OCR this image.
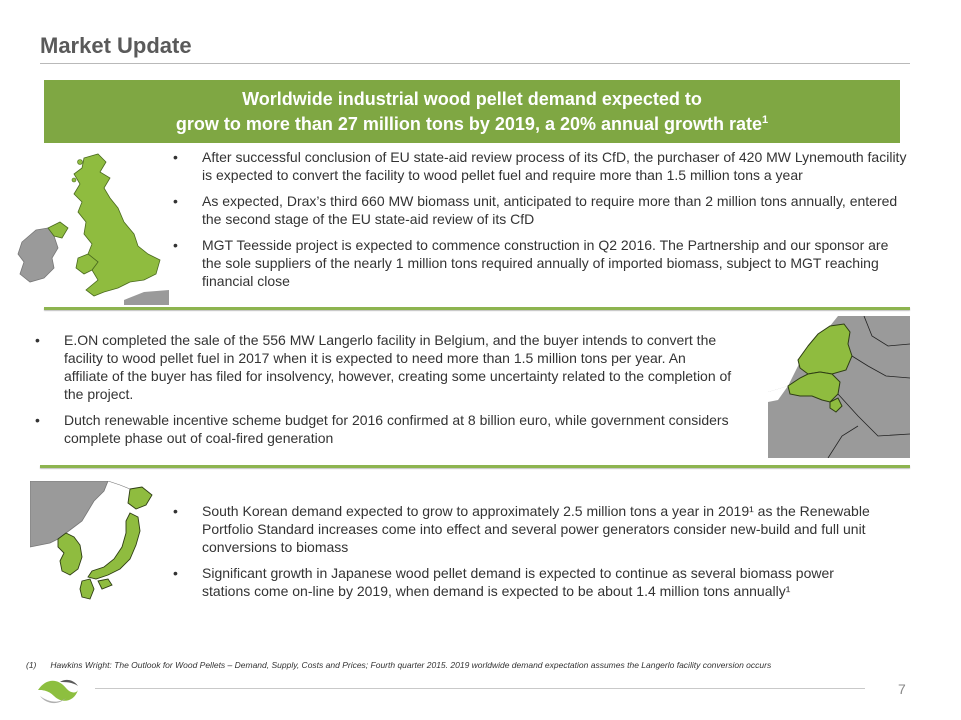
Market Update
Worldwide industrial wood pellet demand expected to
grow to more than 27 million tons by 2019, a 20% annual growth rate$^1$
• After successful conclusion of EU state-aid review process of its CfD, the purchaser of 420 MW Lynemouth facility is expected to convert the facility to wood pellet fuel and require more than 1.5 million tons a year
• As expected, Drax’s third 660 MW biomass unit, anticipated to require more than 2 million tons annually, entered the second stage of the EU state-aid review of its CfD
• MGT Teesside project is expected to commence construction in Q2 2016. The Partnership and our sponsor are the sole suppliers of the nearly 1 million tons required annually of imported biomass, subject to MGT reaching financial close
• E.ON completed the sale of the 556 MW Langerlo facility in Belgium, and the buyer intends to convert the facility to wood pellet fuel in 2017 when it is expected to need more than 1.5 million tons per year. An affiliate of the buyer has filed for insolvency, however, creating some uncertainty related to the completion of the project.
• Dutch renewable incentive scheme budget for 2016 confirmed at 8 billion euro, while government considers complete phase out of coal-fired generation
• South Korean demand expected to grow to approximately 2.5 million tons a year in 2019¹ as the Renewable Portfolio Standard increases come into effect and several power generators consider new-build and full unit conversions to biomass
• Significant growth in Japanese wood pellet demand is expected to continue as several biomass power stations come on-line by 2019, when demand is expected to be about 1.4 million tons annually¹
(1) Hawkins Wright: The Outlook for Wood Pellets – Demand, Supply, Costs and Prices; Fourth quarter 2015. 2019 worldwide demand expectation assumes the Langerlo facility conversion occurs
7
